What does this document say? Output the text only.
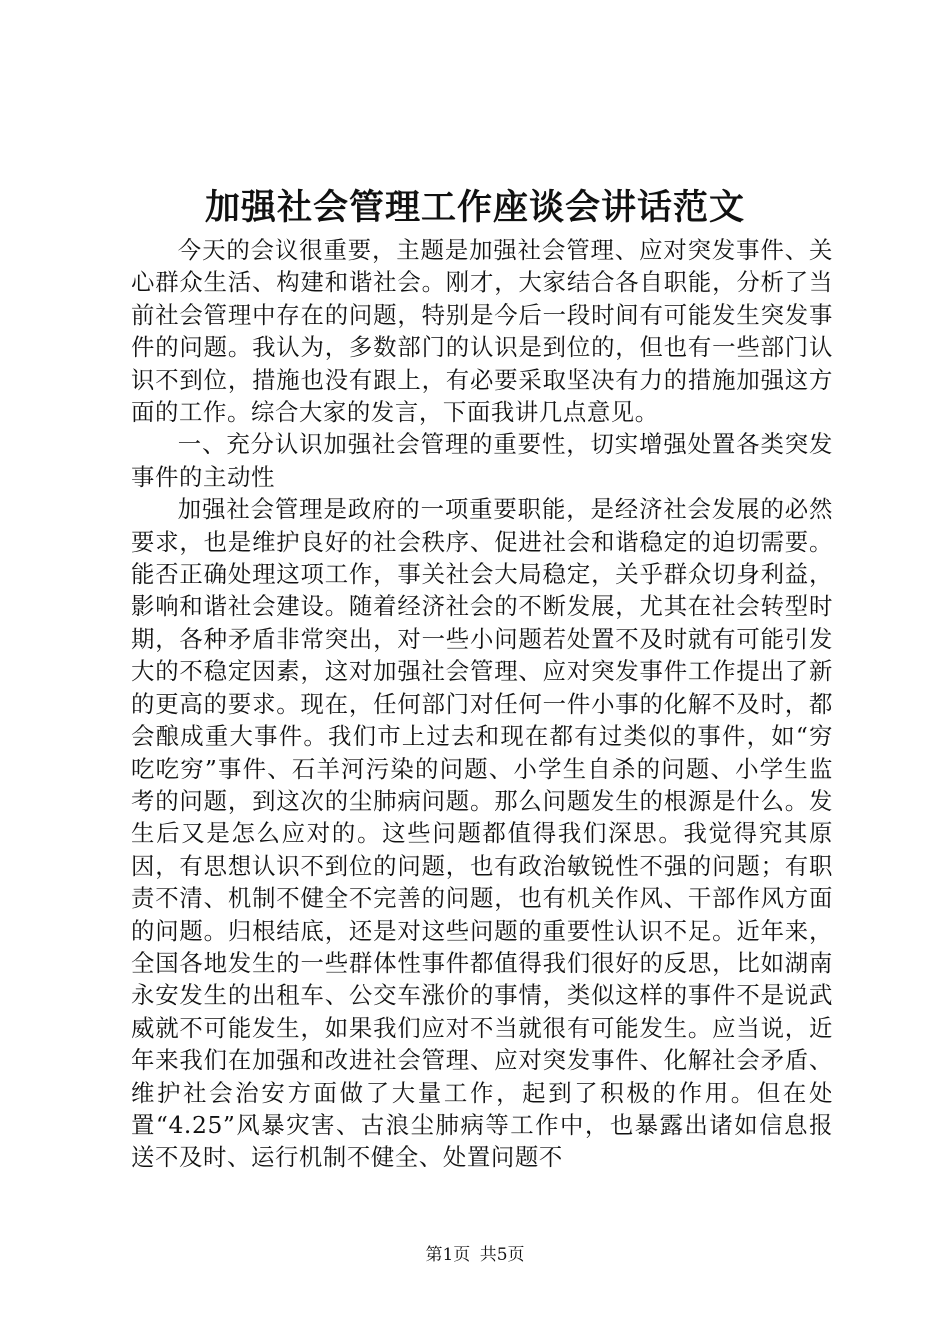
加强社会管理工作座谈会讲话范文

今天的会议很重要，主题是加强社会管理、应对突发事件、关心群众生活、构建和谐社会。刚才，大家结合各自职能，分析了当前社会管理中存在的问题，特别是今后一段时间有可能发生突发事件的问题。我认为，多数部门的认识是到位的，但也有一些部门认识不到位，措施也没有跟上，有必要采取坚决有力的措施加强这方面的工作。综合大家的发言，下面我讲几点意见。

一、充分认识加强社会管理的重要性，切实增强处置各类突发事件的主动性

加强社会管理是政府的一项重要职能，是经济社会发展的必然要求，也是维护良好的社会秩序、促进社会和谐稳定的迫切需要。能否正确处理这项工作，事关社会大局稳定，关乎群众切身利益，影响和谐社会建设。随着经济社会的不断发展，尤其在社会转型时期，各种矛盾非常突出，对一些小问题若处置不及时就有可能引发大的不稳定因素，这对加强社会管理、应对突发事件工作提出了新的更高的要求。现在，任何部门对任何一件小事的化解不及时，都会酿成重大事件。我们市上过去和现在都有过类似的事件，如“穷吃吃穷”事件、石羊河污染的问题、小学生自杀的问题、小学生监考的问题，到这次的尘肺病问题。那么问题发生的根源是什么。发生后又是怎么应对的。这些问题都值得我们深思。我觉得究其原因，有思想认识不到位的问题，也有政治敏锐性不强的问题；有职责不清、机制不健全不完善的问题，也有机关作风、干部作风方面的问题。归根结底，还是对这些问题的重要性认识不足。近年来，全国各地发生的一些群体性事件都值得我们很好的反思，比如湖南永安发生的出租车、公交车涨价的事情，类似这样的事件不是说武威就不可能发生，如果我们应对不当就很有可能发生。应当说，近年来我们在加强和改进社会管理、应对突发事件、化解社会矛盾、维护社会治安方面做了大量工作，起到了积极的作用。但在处置“4.25”风暴灾害、古浪尘肺病等工作中，也暴露出诸如信息报送不及时、运行机制不健全、处置问题不

第1页 共5页
